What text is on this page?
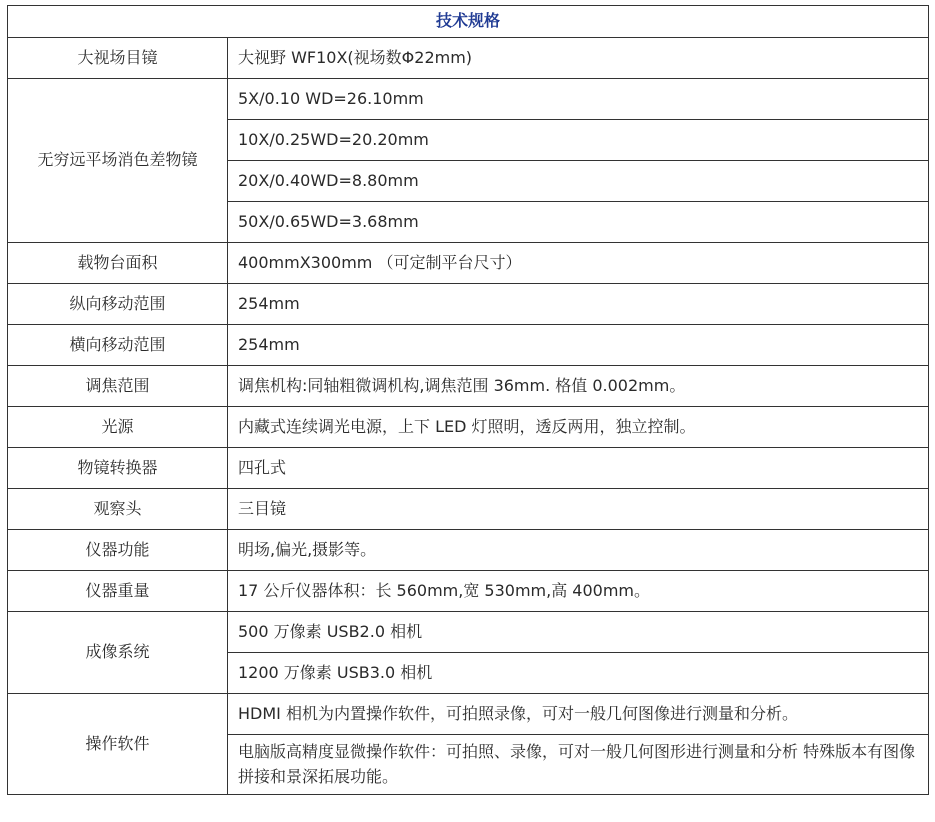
技术规格	
大视场目镜	大视野 WF10X(视场数Φ22mm)
无穷远平场消色差物镜	5X/0.10 WD=26.10mm
	10X/0.25WD=20.20mm
	20X/0.40WD=8.80mm
	50X/0.65WD=3.68mm
载物台面积	400mmX300mm （可定制平台尺寸）
纵向移动范围	254mm
横向移动范围	254mm
调焦范围	调焦机构:同轴粗微调机构,调焦范围 36mm. 格值 0.002mm。
光源	内藏式连续调光电源，上下 LED 灯照明，透反两用，独立控制。
物镜转换器	四孔式
观察头	三目镜
仪器功能	明场,偏光,摄影等。
仪器重量	17 公斤仪器体积：长 560mm,宽 530mm,高 400mm。
成像系统	500 万像素 USB2.0 相机
	1200 万像素 USB3.0 相机
操作软件	HDMI 相机为内置操作软件，可拍照录像，可对一般几何图像进行测量和分析。
	电脑版高精度显微操作软件：可拍照、录像，可对一般几何图形进行测量和分析 特殊版本有图像拼接和景深拓展功能。
